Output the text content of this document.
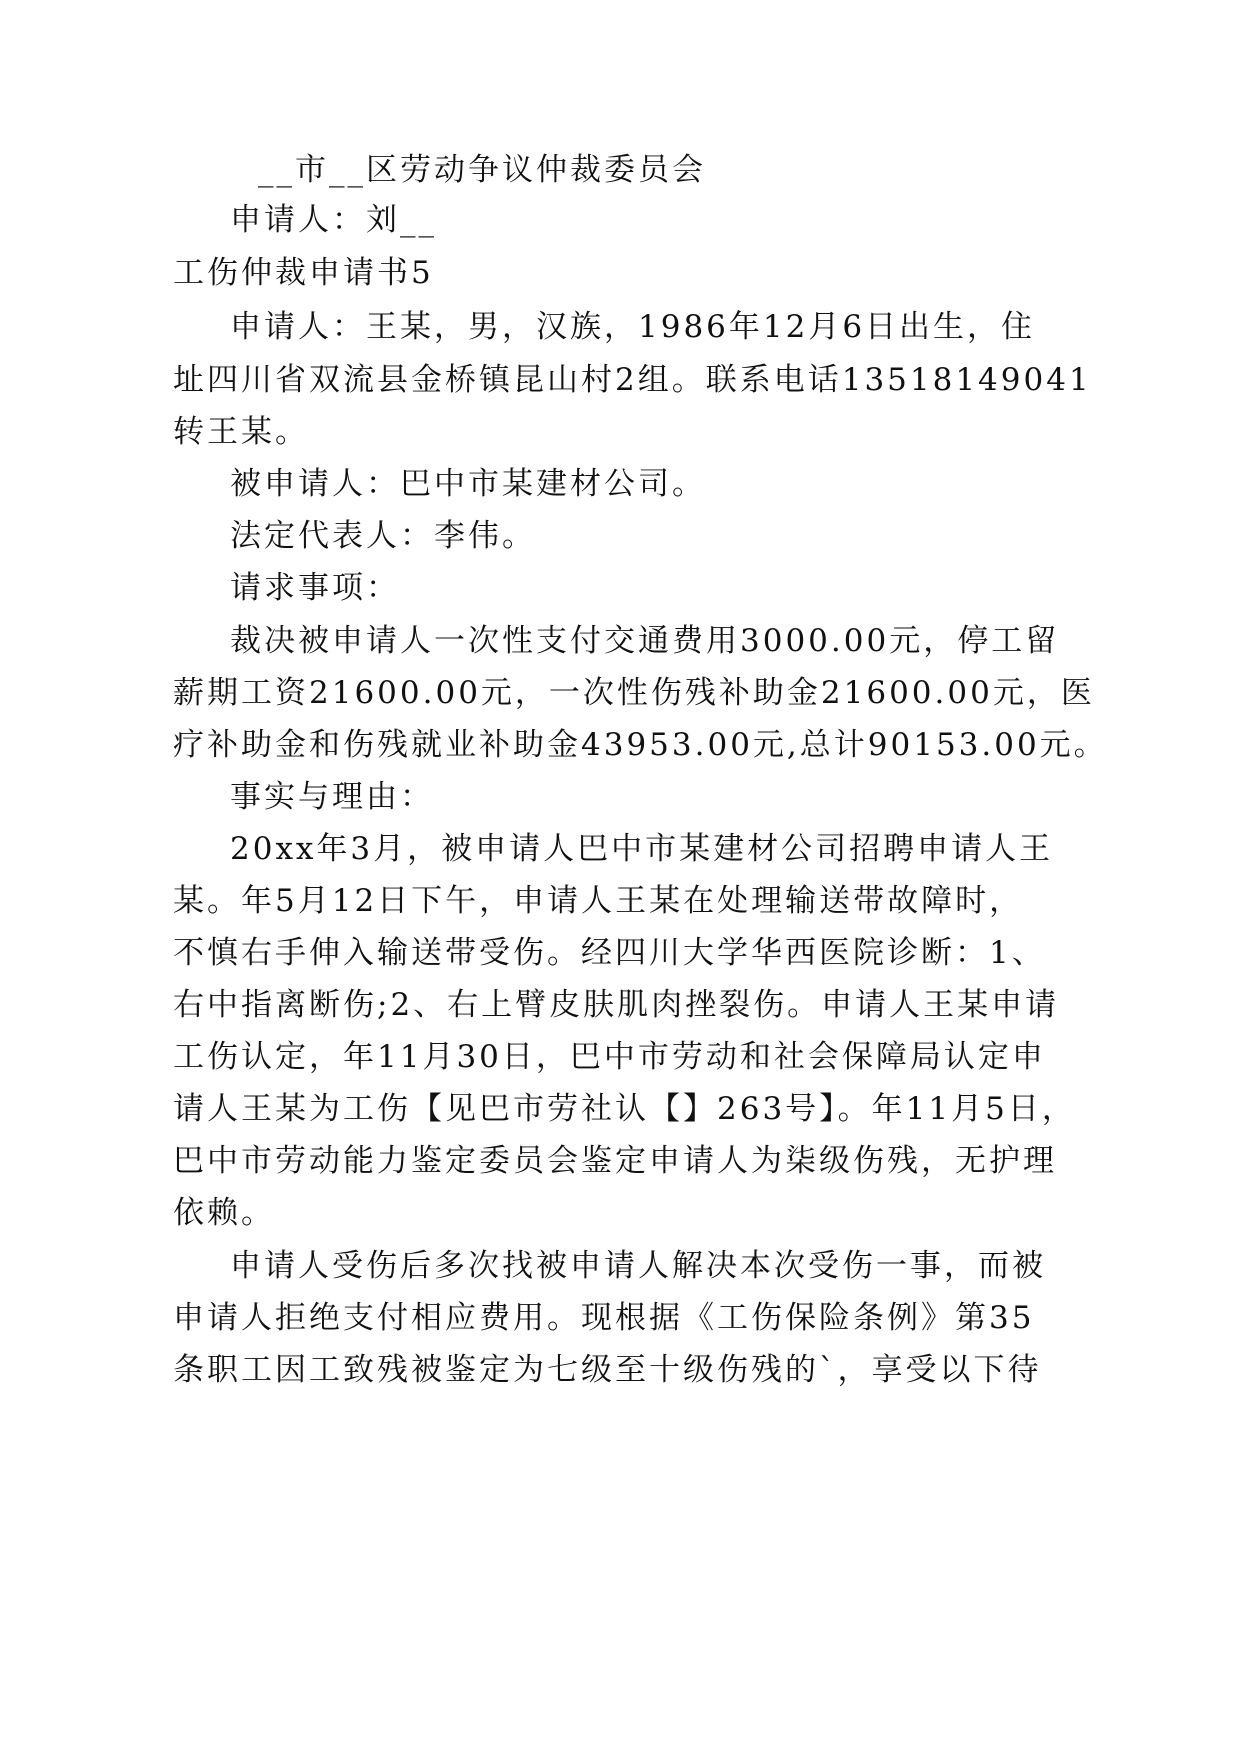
__市__区劳动争议仲裁委员会
申请人：刘__
工伤仲裁申请书5
申请人：王某，男，汉族，1986年12月6日出生，住
址四川省双流县金桥镇昆山村2组。联系电话13518149041
转王某。
被申请人：巴中市某建材公司。
法定代表人：李伟。
请求事项：
裁决被申请人一次性支付交通费用3000.00元，停工留
薪期工资21600.00元，一次性伤残补助金21600.00元，医
疗补助金和伤残就业补助金43953.00元,总计90153.00元。
事实与理由：
20xx年3月，被申请人巴中市某建材公司招聘申请人王
某。年5月12日下午，申请人王某在处理输送带故障时，
不慎右手伸入输送带受伤。经四川大学华西医院诊断：1、
右中指离断伤;2、右上臂皮肤肌肉挫裂伤。申请人王某申请
工伤认定，年11月30日，巴中市劳动和社会保障局认定申
请人王某为工伤【见巴市劳社认【】263号】。年11月5日，
巴中市劳动能力鉴定委员会鉴定申请人为柒级伤残，无护理
依赖。
申请人受伤后多次找被申请人解决本次受伤一事，而被
申请人拒绝支付相应费用。现根据《工伤保险条例》第35
条职工因工致残被鉴定为七级至十级伤残的`，享受以下待
